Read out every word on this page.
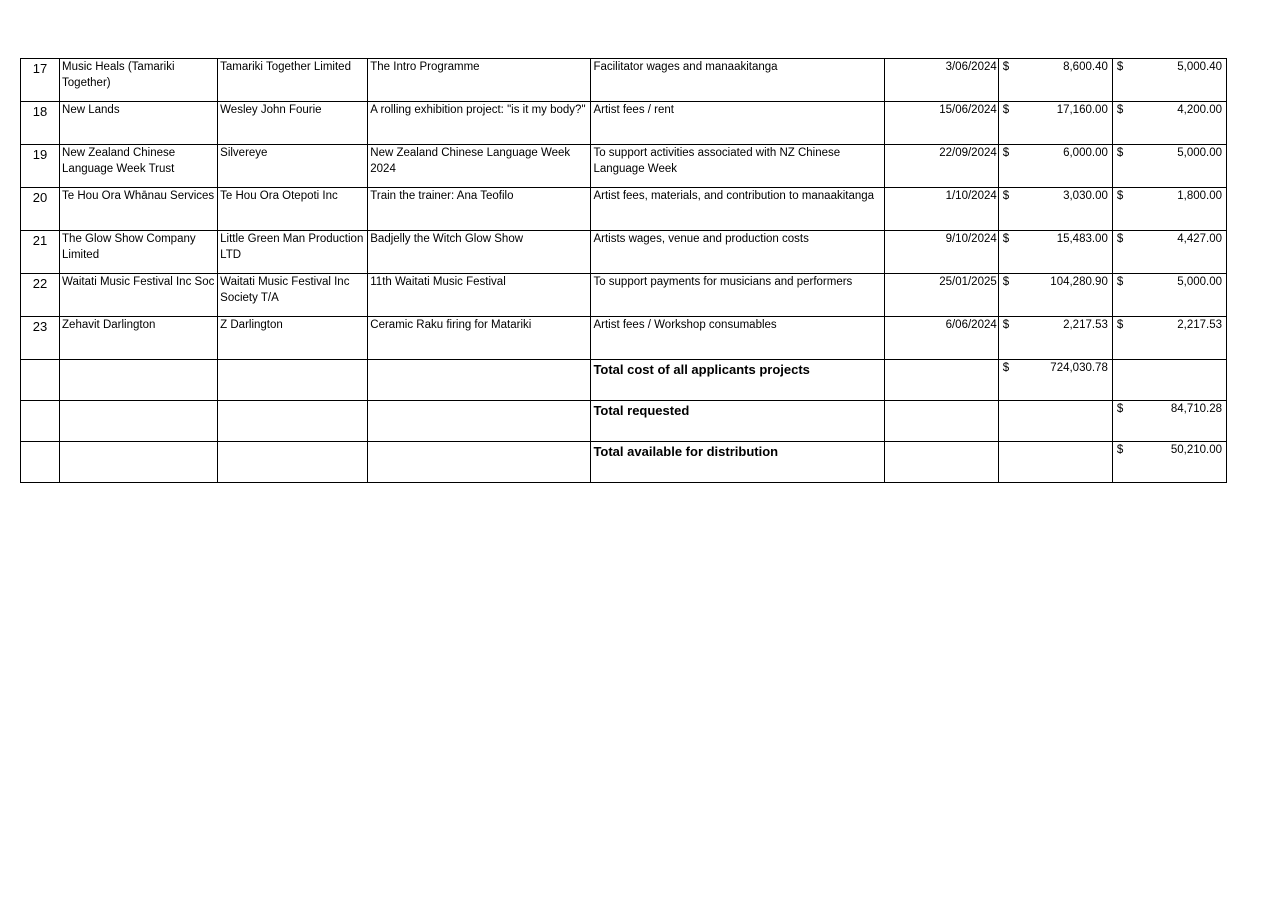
17	Music Heals (Tamariki Together)	Tamariki Together Limited	The Intro Programme	Facilitator wages and manaakitanga	3/06/2024	$ 8,600.40	$ 5,000.40

18	New Lands	Wesley John Fourie	A rolling exhibition project: "is it my body?"	Artist fees / rent	15/06/2024	$ 17,160.00	$ 4,200.00

19	New Zealand Chinese Language Week Trust	Silvereye	New Zealand Chinese Language Week 2024	To support activities associated with NZ Chinese Language Week	22/09/2024	$ 6,000.00	$ 5,000.00

20	Te Hou Ora Whānau Services	Te Hou Ora Otepoti Inc	Train the trainer: Ana Teofilo	Artist fees, materials, and contribution to manaakitanga	1/10/2024	$ 3,030.00	$ 1,800.00

21	The Glow Show Company Limited	Little Green Man Production LTD	Badjelly the Witch Glow Show	Artists wages, venue and production costs	9/10/2024	$ 15,483.00	$ 4,427.00

22	Waitati Music Festival Inc Soc	Waitati Music Festival Inc Society T/A	11th Waitati Music Festival	To support payments for musicians and performers	25/01/2025	$ 104,280.90	$ 5,000.00

23	Zehavit Darlington	Z Darlington	Ceramic Raku firing for Matariki	Artist fees / Workshop consumables	6/06/2024	$ 2,217.53	$ 2,217.53

				Total cost of all applicants projects		$ 724,030.78	

				Total requested			$ 84,710.28

				Total available for distribution			$ 50,210.00
